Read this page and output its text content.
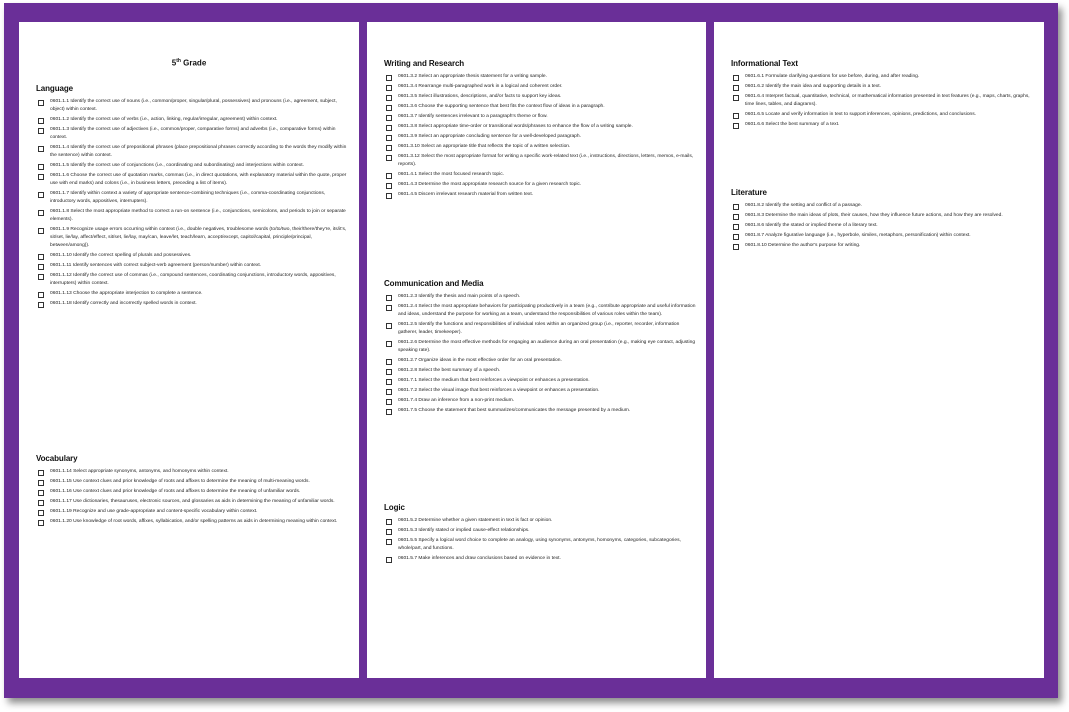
5th Grade
Language
0601.1.1 Identify the correct use of nouns (i.e., common/proper, singular/plural, possessives) and pronouns (i.e., agreement, subject, object) within context.
0601.1.2 Identify the correct use of verbs (i.e., action, linking, regular/irregular, agreement) within context.
0601.1.3 Identify the correct use of adjectives (i.e., common/proper, comparative forms) and adverbs (i.e., comparative forms) within context.
0601.1.4 Identify the correct use of prepositional phrases (place prepositional phrases correctly according to the words they modify within the sentence) within context.
0601.1.5 Identify the correct use of conjunctions (i.e., coordinating and subordinating) and interjections within context.
0601.1.6 Choose the correct use of quotation marks, commas (i.e., in direct quotations, with explanatory material within the quote, proper use with end marks) and colons (i.e., in business letters, preceding a list of items).
0601.1.7 Identify within context a variety of appropriate sentence-combining techniques (i.e., comma-coordinating conjunctions, introductory words, appositives, interrupters).
0601.1.8 Select the most appropriate method to correct a run-on sentence (i.e., conjunctions, semicolons, and periods to join or separate elements).
0601.1.9 Recognize usage errors occurring within context (i.e., double negatives, troublesome words (to/to/two, their/there/they're, its/it's, sit/set, lie/lay, affect/effect, sit/set, lie/lay, may/can, leave/let, teach/learn, accept/except, capitol/capital, principle/principal, between/among)).
0601.1.10 Identify the correct spelling of plurals and possessives.
0601.1.11 Identify sentences with correct subject-verb agreement (person/number) within context.
0601.1.12 Identify the correct use of commas (i.e., compound sentences, coordinating conjunctions, introductory words, appositives, interrupters) within context.
0601.1.13 Choose the appropriate interjection to complete a sentence.
0601.1.18 Identify correctly and incorrectly spelled words in context.
Vocabulary
0601.1.14 Select appropriate synonyms, antonyms, and homonyms within context.
0601.1.15 Use context clues and prior knowledge of roots and affixes to determine the meaning of multi-meaning words.
0601.1.16 Use context clues and prior knowledge of roots and affixes to determine the meaning of unfamiliar words.
0601.1.17 Use dictionaries, thesauruses, electronic sources, and glossaries as aids in determining the meaning of unfamiliar words.
0601.1.19 Recognize and use grade-appropriate and content-specific vocabulary within context.
0601.1.20 Use knowledge of root words, affixes, syllabication, and/or spelling patterns as aids in determining meaning within context.
Writing and Research
0601.3.2 Select an appropriate thesis statement for a writing sample.
0601.3.4 Rearrange multi-paragraphed work in a logical and coherent order.
0601.3.5 Select illustrations, descriptions, and/or facts to support key ideas.
0601.3.6 Choose the supporting sentence that best fits the context flow of ideas in a paragraph.
0601.3.7 Identify sentences irrelevant to a paragraph's theme or flow.
0601.3.8 Select appropriate time-order or transitional words/phrases to enhance the flow of a writing sample.
0601.3.9 Select an appropriate concluding sentence for a well-developed paragraph.
0601.3.10 Select an appropriate title that reflects the topic of a written selection.
0601.3.12 Select the most appropriate format for writing a specific work-related text (i.e., instructions, directions, letters, memos, e-mails, reports).
0601.4.1 Select the most focused research topic.
0601.4.3 Determine the most appropriate research source for a given research topic.
0601.4.5 Discern irrelevant research material from written text.
Communication and Media
0601.2.3 Identify the thesis and main points of a speech.
0601.2.4 Select the most appropriate behaviors for participating productively in a team (e.g., contribute appropriate and useful information and ideas, understand the purpose for working as a team, understand the responsibilities of various roles within the team).
0601.2.5 Identify the functions and responsibilities of individual roles within an organized group (i.e., reporter, recorder, information gatherer, leader, timekeeper).
0601.2.6 Determine the most effective methods for engaging an audience during an oral presentation (e.g., making eye contact, adjusting speaking rate).
0601.2.7 Organize ideas in the most effective order for an oral presentation.
0601.2.8 Select the best summary of a speech.
0601.7.1 Select the medium that best reinforces a viewpoint or enhances a presentation.
0601.7.2 Select the visual image that best reinforces a viewpoint or enhances a presentation.
0601.7.4 Draw an inference from a non-print medium.
0601.7.5 Choose the statement that best summarizes/communicates the message presented by a medium.
Logic
0601.5.2 Determine whether a given statement in text is fact or opinion.
0601.5.3 Identify stated or implied cause-effect relationships.
0601.5.5 Specify a logical word choice to complete an analogy, using synonyms, antonyms, homonyms, categories, subcategories, whole/part, and functions.
0601.5.7 Make inferences and draw conclusions based on evidence in text.
Informational Text
0601.6.1 Formulate clarifying questions for use before, during, and after reading.
0601.6.2 Identify the main idea and supporting details in a text.
0601.6.4 Interpret factual, quantitative, technical, or mathematical information presented in text features (e.g., maps, charts, graphs, time lines, tables, and diagrams).
0601.6.5 Locate and verify information in text to support inferences, opinions, predictions, and conclusions.
0601.6.6 Select the best summary of a text.
Literature
0601.8.2 Identify the setting and conflict of a passage.
0601.8.3 Determine the main ideas of plots, their causes, how they influence future actions, and how they are resolved.
0601.8.6 Identify the stated or implied theme of a literary text.
0601.8.7 Analyze figurative language (i.e., hyperbole, similes, metaphors, personification) within context.
0601.8.10 Determine the author's purpose for writing.
